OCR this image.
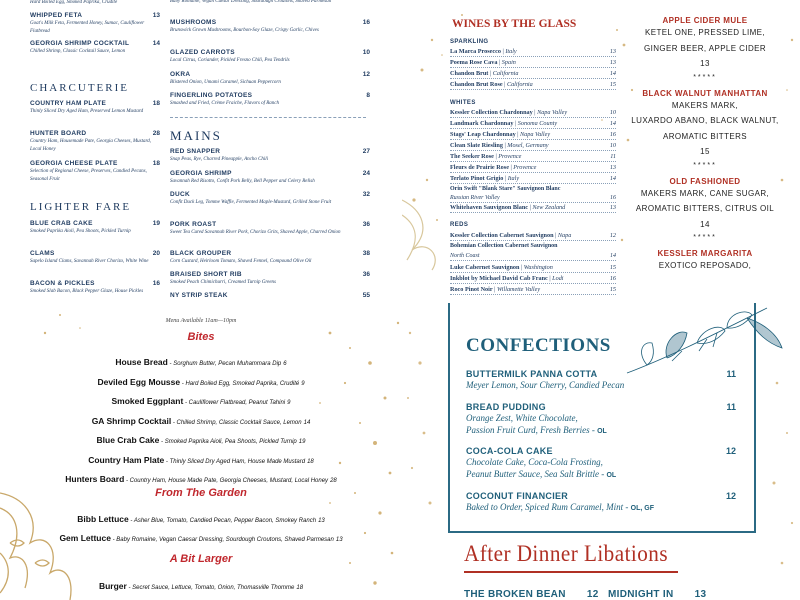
Hard Boiled Egg, Smoked Paprika, Crudité
WHIPPED FETA	13
Goat's Milk Feta, Fermented Honey, Sumac, Cauliflower Flatbread
GEORGIA SHRIMP COCKTAIL	14
Chilled Shrimp, Classic Cocktail Sauce, Lemon
CHARCUTERIE
COUNTRY HAM PLATE	18
Thinly Sliced Dry Aged Ham, Preserved Lemon Mustard
HUNTER BOARD	28
Country Ham, Housemade Pate, Georgia Cheeses, Mustard, Local Honey
GEORGIA CHEESE PLATE	18
Selection of Regional Cheese, Preserves, Candied Pecans, Seasonal Fruit
LIGHTER FARE
BLUE CRAB CAKE	19
Smoked Paprika Aioli, Pea Shoots, Pickled Turnip
CLAMS	20
Sapelo Island Clams, Savannah River Chorizo, White Wine
BACON & PICKLES	16
Smoked Slab Bacon, Black Pepper Glaze, House Pickles
Baby Romaine, Vegan Caesar Dressing, Sourdough Croutons, Shaved Parmesan
MUSHROOMS	16
Brunswick Grown Mushrooms, Bourbon-Soy Glaze, Crispy Garlic, Chives
GLAZED CARROTS	10
Local Citrus, Coriander, Pickled Fresno Chili, Pea Tendrils
OKRA	12
Blistered Onion, Umami Caramel, Sichuan Peppercorn
FINGERLING POTATOES	8
Smashed and Fried, Crème Fraiche, Flavors of Ranch
MAINS
RED SNAPPER	27
Snap Peas, Rye, Charred Pineapple, Ancho Chili
GEORGIA SHRIMP	24
Savannah Red Risotto, Confit Pork Belly, Bell Pepper and Celery Relish
DUCK	32
Confit Duck Leg, Tomme Waffle, Fermented Maple-Mustard, Grilled Stone Fruit
PORK ROAST	36
Sweet Tea Cured Savannah River Pork, Chorizo Grits, Shaved Apple, Charred Onion
BLACK GROUPER	38
Corn Custard, Heirloom Tomato, Shaved Fennel, Compound Olive Oil
BRAISED SHORT RIB	36
Smoked Peach Chimichurri, Creamed Turnip Greens
NY STRIP STEAK	55
WINES BY THE GLASS
SPARKLING
La Marca Prosecco | Italy	13
Poema Rose Cava | Spain	13
Chandon Brut | California	14
Chandon Brut Rose | California	15
WHITES
Kessler Collection Chardonnay | Napa Valley	10
Landmark Chardonnay | Sonoma County	14
Stags' Leap Chardonnay | Napa Valley	16
Clean Slate Riesling | Mosel, Germany	10
The Seeker Rose | Provence	11
Fleurs de Prairie Rose | Provence	13
Terlato Pinot Grigio | Italy	14
Orin Swift "Blank Stare" Sauvignon Blanc
Russian River Valley	16
Whitehaven Sauvignon Blanc | New Zealand	13
REDS
Kessler Collection Cabernet Sauvignon | Napa	12
Bohemian Collection Cabernet Sauvignon
North Coast	14
Luke Cabernet Sauvignon | Washington	15
Inkblot by Michael David Cab Franc | Lodi	16
Roco Pinot Noir | Willamette Valley	15
APPLE CIDER MULE
KETEL ONE, PRESSED LIME,
GINGER BEER, APPLE CIDER
13
*****
BLACK WALNUT MANHATTAN
MAKERS MARK,
LUXARDO ABANO, BLACK WALNUT,
AROMATIC BITTERS
15
*****
OLD FASHIONED
MAKERS MARK, CANE SUGAR,
AROMATIC BITTERS, CITRUS OIL
14
*****
KESSLER MARGARITA
EXOTICO REPOSADO,
Menu Available 11am—10pm
Bites
House Bread - Sorghum Butter, Pecan Muhammara Dip 6
Deviled Egg Mousse - Hard Boiled Egg, Smoked Paprika, Crudité 9
Smoked Eggplant - Cauliflower Flatbread, Peanut Tahini 9
GA Shrimp Cocktail - Chilled Shrimp, Classic Cocktail Sauce, Lemon 14
Blue Crab Cake - Smoked Paprika Aioli, Pea Shoots, Pickled Turnip 19
Country Ham Plate - Thinly Sliced Dry Aged Ham, House Made Mustard 18
Hunters Board - Country Ham, House Made Pate, Georgia Cheeses, Mustard, Local Honey 28
From The Garden
Bibb Lettuce - Asher Blue, Tomato, Candied Pecan, Pepper Bacon, Smokey Ranch 13
Gem Lettuce - Baby Romaine, Vegan Caesar Dressing, Sourdough Croutons, Shaved Parmesan 13
A Bit Larger
Burger - Secret Sauce, Lettuce, Tomato, Onion, Thomasville Thomme 18
CONFECTIONS
BUTTERMILK PANNA COTTA	11
Meyer Lemon, Sour Cherry, Candied Pecan
BREAD PUDDING	11
Orange Zest, White Chocolate,
Passion Fruit Curd, Fresh Berries - OL
COCA-COLA CAKE	12
Chocolate Cake, Coca-Cola Frosting,
Peanut Butter Sauce, Sea Salt Brittle - OL
COCONUT FINANCIER	12
Baked to Order, Spiced Rum Caramel, Mint - OL, GF
After Dinner Libations
THE BROKEN BEAN 12 MIDNIGHT IN 13
